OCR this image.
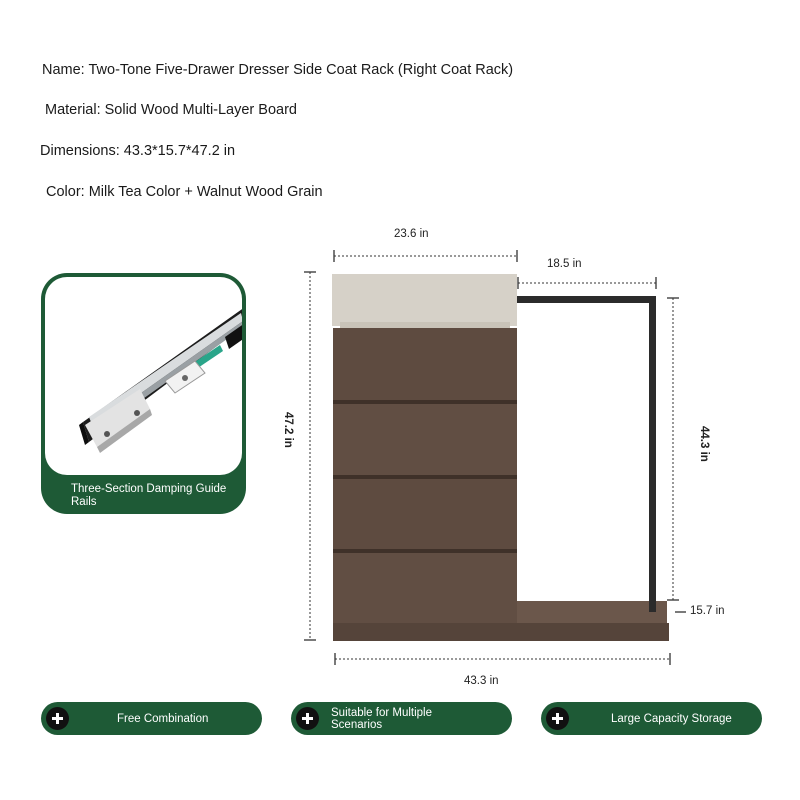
Name: Two-Tone Five-Drawer Dresser Side Coat Rack (Right Coat Rack)
Material: Solid Wood Multi-Layer Board
Dimensions: 43.3*15.7*47.2 in
Color: Milk Tea Color + Walnut Wood Grain
Three-Section Damping Guide Rails
23.6 in
18.5 in
47.2 in	44.3 in
15.7 in
43.3 in
Free Combination	Suitable for Multiple Scenarios	Large Capacity Storage
